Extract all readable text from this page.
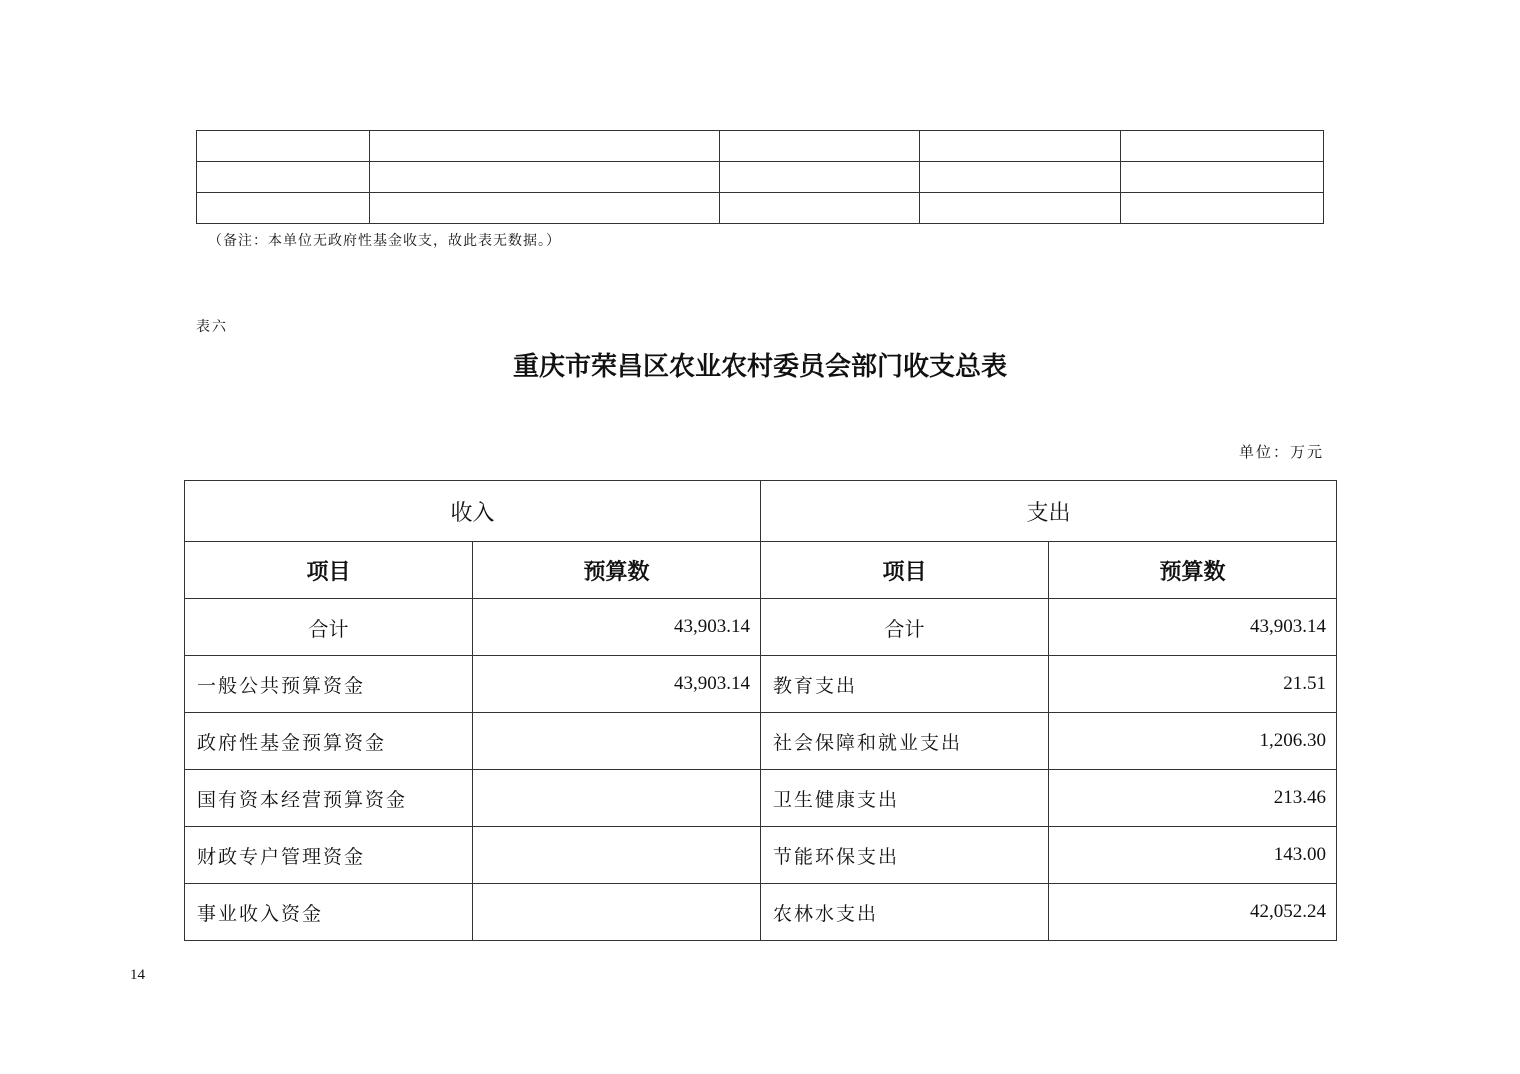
（备注：本单位无政府性基金收支，故此表无数据。）
表六
重庆市荣昌区农业农村委员会部门收支总表
单位：万元
收入		支出	
项目	预算数	项目	预算数
合计	43,903.14	合计	43,903.14
一般公共预算资金	43,903.14	教育支出	21.51
政府性基金预算资金		社会保障和就业支出	1,206.30
国有资本经营预算资金		卫生健康支出	213.46
财政专户管理资金		节能环保支出	143.00
事业收入资金		农林水支出	42,052.24
14
